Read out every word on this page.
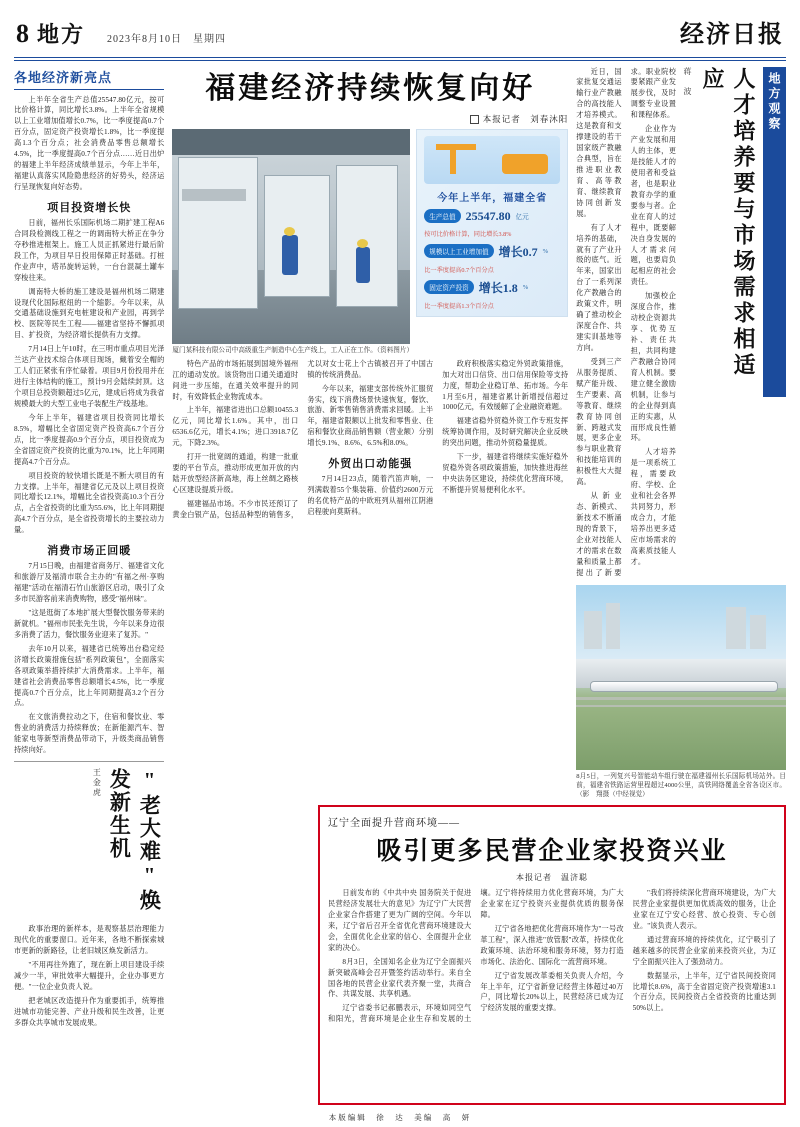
8 地方 2023年8月10日　星期四	经济日报
各地经济新亮点

上半年全省生产总值25547.80亿元，按可比价格计算，同比增长3.8%。上半年全省规模以上工业增加值增长0.7%，比一季度提高0.7个百分点，固定资产投资增长1.8%，比一季度提高1.3个百分点；社会消费品零售总额增长4.5%，比一季度提高0.7个百分点……近日出炉的福建上半年经济成绩单显示，今年上半年，福建认真落实风险隐患经济的好势头，经济运行呈现恢复向好态势。

项目投资增长快

日前，福州长乐国际机场二期扩建工程A6合同段检测线工程之一的调南特大桥正在争分夺秒推进框架上。施工人员正抓紧进行最后阶段工作，为项目早日投用保障正时基础。打桩作业声中，塔吊旋转运转，一台台混凝土罐车穿梭往来。

调南特大桥的施工建设是福州机场二期建设现代化国际枢纽的一个缩影。今年以来，从交通基础设施到充电桩建设和产业园，再到学校、医院等民生工程——福建省坚持不懈抓项目、扩投资，为经济增长提供有力支撑。

7月14日上午10时，在三明市重点项目光泽兰达产业技术综合体项目现场，戴着安全帽的工人们正紧张有序忙碌着。项目9月份投用并在进行主体结构的施工，预计9月会陆续封顶。这个项目总投资额超过5亿元，建成后将成为我省规模最大的大型工业电子装配生产线基地。

今年上半年，福建省项目投资同比增长8.5%，增幅比全省固定资产投资高6.7个百分点，比一季度提高0.9个百分点，项目投资成为全省固定资产投资的比重为70.1%，比上年同期提高4.7个百分点。

项目投资的较快增长既是不断大项目的有力支撑。上半年，福建省亿元及以上项目投资同比增长12.1%，增幅比全省投资高10.3个百分点，占全省投资的比重为55.6%，比上年同期提高4.7个百分点，是全省投资增长的主要拉动力量。

消费市场正回暖

7月15日晚，由福建省商务厅、福建省文化和旅游厅及福清市联合主办的"有福之州·享购福建"活动在福清石竹山旅游区启动，吸引了众多市民游客前来消费购物，感受"福州味"。

"这是逛街了本地扩展大型餐饮服务带来的新就机。"福州市民张先生说，今年以来身边很多消费了活力，餐饮服务业迎来了复苏。"

去年10月以来，福建省已统筹出台稳定经济增长政策措施包括"系列政策包"，全面落实各项政策举措持续扩大消费需求。上半年，福建省社会消费品零售总额增长4.5%，比一季度提高0.7个百分点，比上年同期提高3.2个百分点。

在文旅消费拉动之下，住宿和餐饮业、零售业的消费活力持续释放；在新能源汽车、智能家电等新型消费品带动下，升级类商品销售持续向好。

"老大难"焕发新生机
王金虎

政事治理的新样本，是观察基层治理能力现代化的重要窗口。近年来，各地不断探索城市更新的新路径，让老旧城区焕发新活力。

"不用再往外跑了，现在新上项目建设手续减少一半，审批效率大幅提升，企业办事更方便。"一位企业负责人说。

把老城区改造提升作为重要抓手，统筹推进城市功能完善、产业升级和民生改善，让更多群众共享城市发展成果。

福建经济持续恢复向好
本报记者　刘春沐阳
厦门某科技有限公司中高级重生产制造中心生产线上，工人正在工作。（资料图片）
今年上半年，福建全省
生产总值 25547.80 亿元
按可比价格计算，同比增长3.8%
规模以上工业增加值 增长0.7 %
比一季度提高0.7个百分点
固定资产投资 增长1.8 %
比一季度提高1.3个百分点

特色产品的市场拓展到国境外福州江的通动发放。该货物出口通关通道时间进一步压缩，在通关效率提升的同时，有效降低企业物流成本。

上半年，福建省进出口总额10455.3亿元，同比增长1.6%。其中，出口6536.6亿元，增长4.1%；进口3918.7亿元，下降2.3%。

打开一批宽阔的通道，构建一批重要的平台节点，推动形成更加开放的内陆开放型经济新高地，海上丝绸之路核心区建设提质升级。

福建福品市场。不少市民还预订了黄金白银产品，包括品种型的销售多，尤以对女士花上个古镇被召开了中国古镇的传统消费品。

今年以来，福建支部传统外汇服贸务实，线下消费场景快速恢复，餐饮、旅游、新零售销售消费需求回暖。上半年，福建省限额以上批发和零售业、住宿和餐饮业商品销售额（营业额）分别增长9.1%、8.6%、6.5%和8.0%。

外贸出口动能强

7月14日23点，随着汽笛声响，一列满载着55个集装箱、价值约2600万元的名优特产品的中欧班列从福州江阴港启程驶向莫斯科。

政府积极落实稳定外贸政策措施，加大对出口信贷、出口信用保险等支持力度，帮助企业稳订单、拓市场。今年1月至6月，福建省累计新增授信超过1000亿元，有效缓解了企业融资难题。

福建省稳外贸稳外资工作专班发挥统筹协调作用，及时研究解决企业反映的突出问题，推动外贸稳量提质。

下一步，福建省将继续实施好稳外贸稳外资各项政策措施，加快推进海丝中央法务区建设，持续优化营商环境，不断提升贸易便利化水平。

近日，国家批复交通运输行业产教融合的高技能人才培养模式。这是教育和支撑建设的若干国家级产教融合典型，旨在推进职业教育、高等教育、继续教育协同创新发展。

有了人才培养的基础，就有了产业升级的底气。近年来，国家出台了一系列深化产教融合的政策文件，明确了推动校企深度合作、共建实训基地等方向。

受到三产从服务提质、赋产能升级、生产要素、高等教育、继续教育协同创新、跨越式发展，更多企业参与职业教育和技能培训的积极性大大提高。

从新业态、新模式、新技术不断涌现的背景下，企业对技能人才的需求在数量和质量上都提出了新要求。职业院校要紧跟产业发展步伐，及时调整专业设置和课程体系。

企业作为产业发展和用人的主体，更是技能人才的使用者和受益者，也是职业教育办学的重要参与者。企业在育人的过程中，既要解决自身发展的人才需求问题，也要肩负起相应的社会责任。

加强校企深度合作，推动校企资源共享、优势互补、责任共担，共同构建产教融合协同育人机制。要建立健全激励机制，让参与的企业得到真正的实惠，从而形成良性循环。

人才培养是一项系统工程，需要政府、学校、企业和社会各界共同努力，形成合力，才能培养出更多适应市场需求的高素质技能人才。

地方观察
人才培养要与市场需求相适应
蒋　波
8月5日，一列复兴号智能动车组行驶在福建福州长乐国际机场站外。目前，福建省铁路运营里程超过4000公里，高铁网络覆盖全省各设区市。（影　翔摄（中经视觉）
辽宁全面提升营商环境——
吸引更多民营企业家投资兴业
本报记者　温济聪

日前发布的《中共中央 国务院关于促进民营经济发展壮大的意见》为辽宁广大民营企业家合作搭建了更为广阔的空间。今年以来，辽宁省后召开全省优化营商环境建设大会，全面优化企业家的信心、全面提升企业家的决心。

8月3日，全国知名企业为辽宁全面振兴新突破高峰会召开暨签约活动举行。来自全国各地的民营企业家代表齐聚一堂，共商合作、共谋发展、共享机遇。

辽宁省委书记郝鹏表示，环境如同空气和阳光，营商环境是企业生存和发展的土壤。辽宁将持续用力优化营商环境，为广大企业家在辽宁投资兴业提供优质的服务保障。

辽宁省各地把优化营商环境作为"一号改革工程"，深入推进"放管服"改革，持续优化政策环境、法治环境和服务环境，努力打造市场化、法治化、国际化一流营商环境。

辽宁省发展改革委相关负责人介绍，今年上半年，辽宁省新登记经营主体超过40万户，同比增长20%以上，民营经济已成为辽宁经济发展的重要支撑。

"我们将持续深化营商环境建设，为广大民营企业家提供更加优质高效的服务，让企业家在辽宁安心经营、放心投资、专心创业。"该负责人表示。

通过营商环境的持续优化，辽宁吸引了越来越多的民营企业家前来投资兴业，为辽宁全面振兴注入了强劲动力。

数据显示，上半年，辽宁省民间投资同比增长8.6%，高于全省固定资产投资增速3.1个百分点，民间投资占全省投资的比重达到50%以上。

本版编辑　徐　达　美编　高　妍
